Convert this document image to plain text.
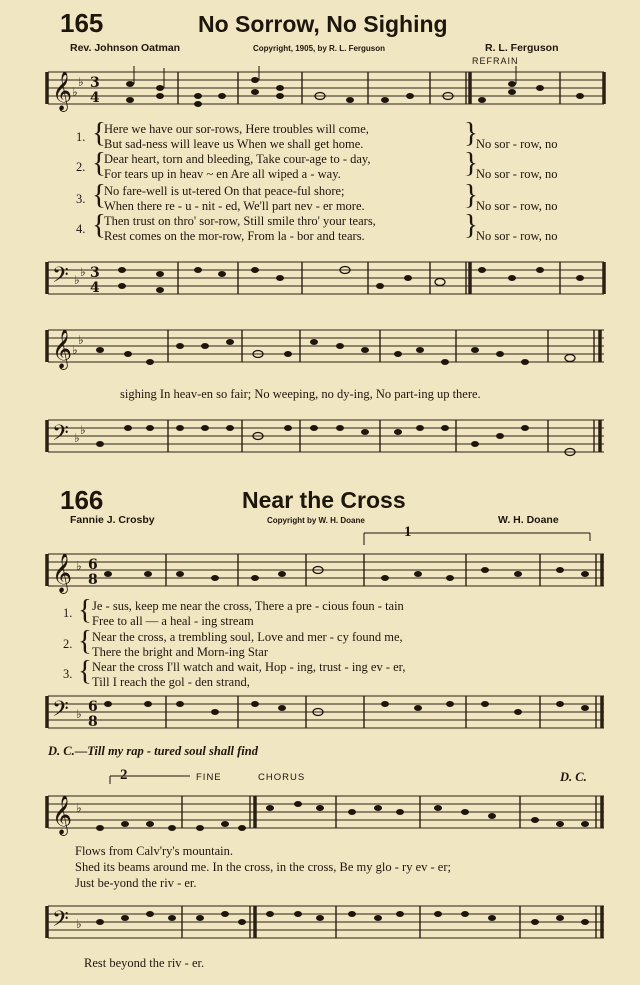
165	No Sorrow, No Sighing
Rev. Johnson Oatman	Copyright, 1905, by R. L. Ferguson	R. L. Ferguson
REFRAIN
𝄞 ♭
♭
3
4
1. {
Here we have our sor-rows, Here troubles will come,
But sad-ness will leave us When we shall get home.	}
No sor - row, no
2. {
Dear heart, torn and bleeding, Take cour-age to - day,
For tears up in heav ~ en Are all wiped a - way.	}
No sor - row, no
3. {
No fare-well is ut-tered On that peace-ful shore;
When there re - u - nit - ed, We'll part nev - er more.	}
No sor - row, no
4. {
Then trust on thro' sor-row, Still smile thro' your tears,
Rest comes on the mor-row, From la - bor and tears.	}
No sor - row, no
𝄢 ♭
♭ 3
4
𝄞 ♭
♭
sighing In heav-en so fair; No weeping, no dy-ing, No part-ing up there.
𝄢 ♭
♭
166	Near the Cross
Fannie J. Crosby	Copyright by W. H. Doane	W. H. Doane
1
𝄞 ♭ 6
8
1. { Je - sus, keep me near the cross, There a pre - cious foun - tain
Free to all — a heal - ing stream
2. { Near the cross, a trembling soul, Love and mer - cy found me,
There the bright and Morn-ing Star
3. { Near the cross I'll watch and wait, Hop - ing, trust - ing ev - er,
Till I reach the gol - den strand,
𝄢 ♭ 6
8
D. C.—Till my rap - tured soul shall find
2	FINE	CHORUS	D. C.
𝄞 ♭
Flows from Calv'ry's mountain.
Shed its beams around me. In the cross, in the cross, Be my glo - ry ev - er;
Just be-yond the riv - er.
𝄢 ♭
Rest beyond the riv - er.
